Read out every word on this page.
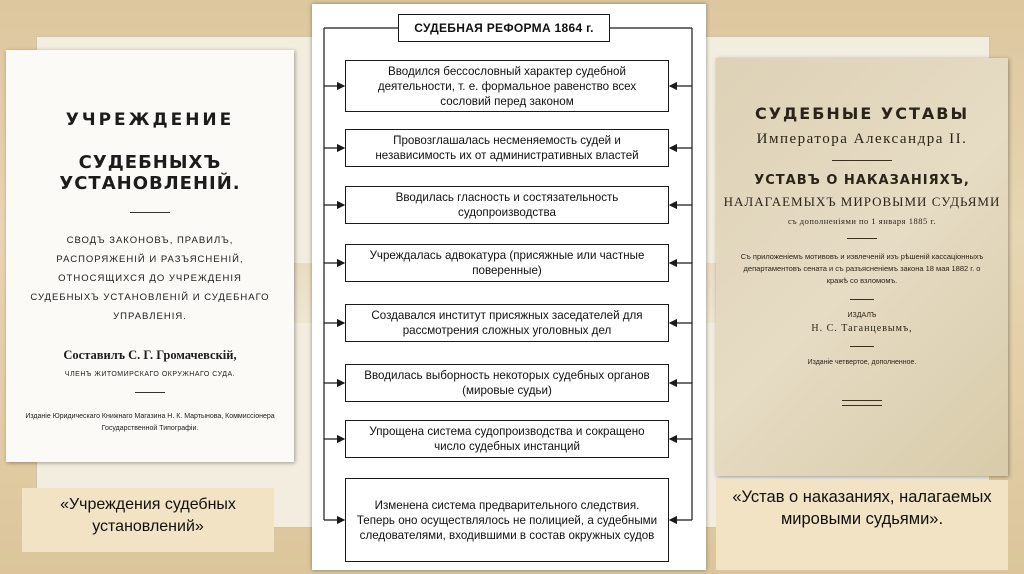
УЧРЕЖДЕНИЕ
СУДЕБНЫХЪ УСТАНОВЛЕНIЙ.
СВОДЪ ЗАКОНОВЪ, ПРАВИЛЪ, РАСПОРЯЖЕНIЙ И РАЗЪЯСНЕНIЙ, ОТНОСЯЩИХСЯ ДО УЧРЕЖДЕНIЯ СУДЕБНЫХЪ УСТАНОВЛЕНIЙ И СУДЕБНАГО УПРАВЛЕНIЯ.
Составилъ С. Г. Громачевскiй,
ЧЛЕНЪ ЖИТОМИРСКАГО ОКРУЖНАГО СУДА.
Изданiе Юридическаго Книжнаго Магазина Н. К. Мартынова, Коммиссiонера Государственной Типографiи.
«Учреждения судебных установлений»
СУДЕБНАЯ РЕФОРМА 1864 г.
Вводился бессословный характер судебной деятельности, т. е. формальное равенство всех сословий перед законом
Провозглашалась несменяемость судей и независимость их от административных властей
Вводилась гласность и состязательность судопроизводства
Учреждалась адвокатура (присяжные или частные поверенные)
Создавался институт присяжных заседателей для рассмотрения сложных уголовных дел
Вводилась выборность некоторых судебных органов (мировые судьи)
Упрощена система судопроизводства и сокращено число судебных инстанций
Изменена система предварительного следствия. Теперь оно осуществлялось не полицией, а судебными следователями, входившими в состав окружных судов
СУДЕБНЫЕ УСТАВЫ
Императора Александра II.
УСТАВЪ О НАКАЗАНIЯХЪ,
НАЛАГАЕМЫХЪ МИРОВЫМИ СУДЬЯМИ
съ дополненiями по 1 января 1885 г.
Съ приложенiемъ мотивовъ и извлеченiй изъ рѣшенiй кассацiонныхъ департаментовъ сената и съ разъясненiемъ закона 18 мая 1882 г. о кражѣ со взломомъ.
ИЗДАЛЪ
Н. С. Таганцевымъ,
Изданiе четвертое, дополненное.
«Устав о наказаниях, налагаемых мировыми судьями».
